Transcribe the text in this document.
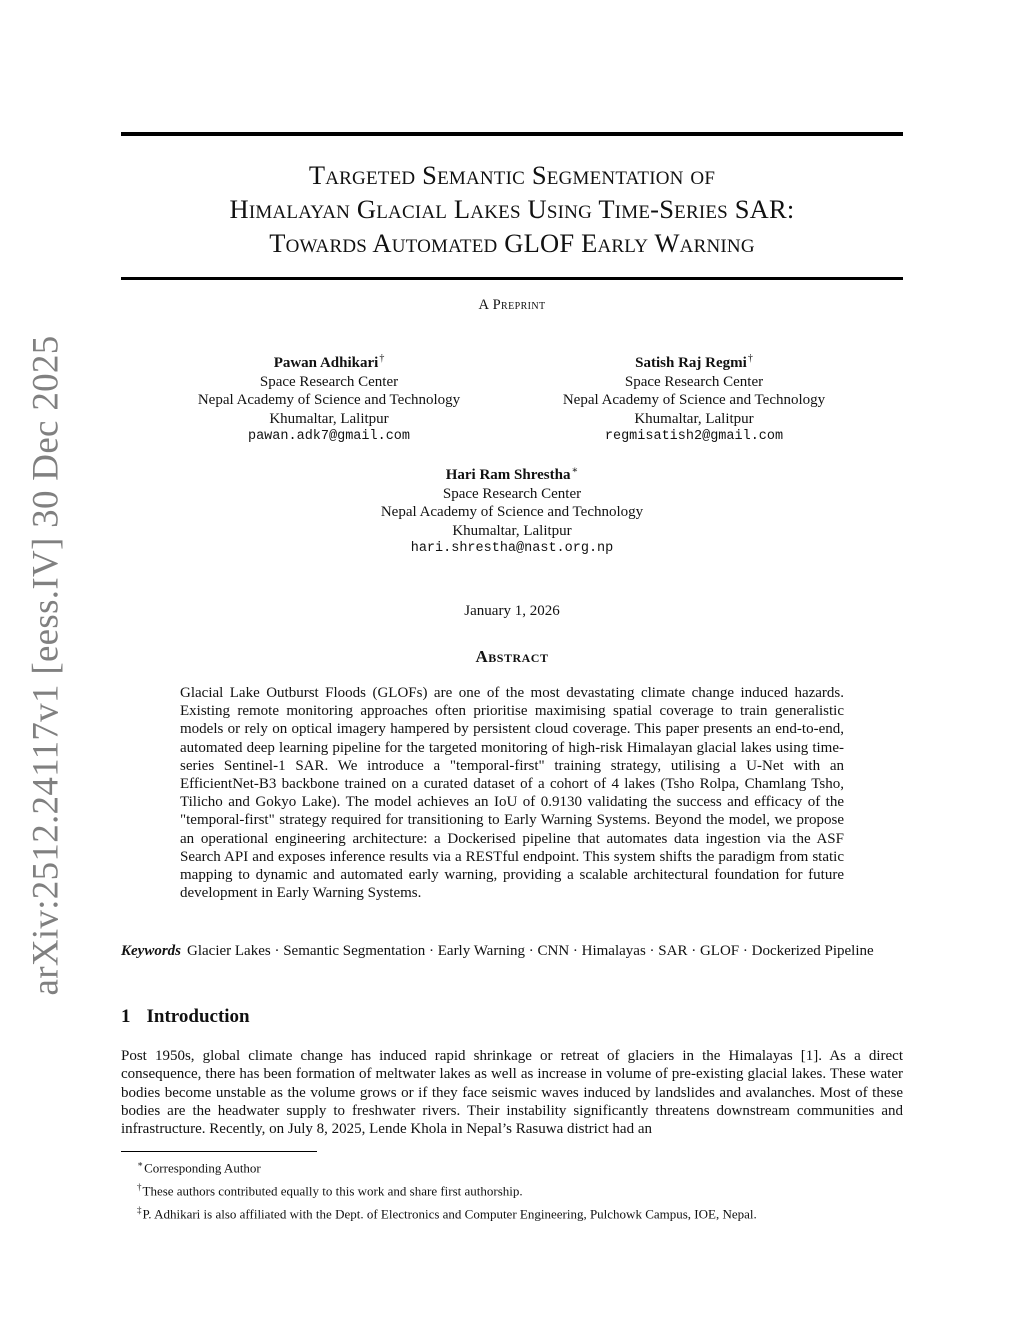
arXiv:2512.24117v1 [eess.IV] 30 Dec 2025
Targeted Semantic Segmentation of
Himalayan Glacial Lakes Using Time-Series SAR:
Towards Automated GLOF Early Warning
A Preprint
Pawan Adhikari†
Space Research Center
Nepal Academy of Science and Technology
Khumaltar, Lalitpur
pawan.adk7@gmail.com
Satish Raj Regmi†
Space Research Center
Nepal Academy of Science and Technology
Khumaltar, Lalitpur
regmisatish2@gmail.com
Hari Ram Shrestha∗
Space Research Center
Nepal Academy of Science and Technology
Khumaltar, Lalitpur
hari.shrestha@nast.org.np
January 1, 2026
Abstract
Glacial Lake Outburst Floods (GLOFs) are one of the most devastating climate change induced hazards. Existing remote monitoring approaches often prioritise maximising spatial coverage to train generalistic models or rely on optical imagery hampered by persistent cloud coverage. This paper presents an end-to-end, automated deep learning pipeline for the targeted monitoring of high-risk Himalayan glacial lakes using time-series Sentinel-1 SAR. We introduce a "temporal-first" training strategy, utilising a U-Net with an EfficientNet-B3 backbone trained on a curated dataset of a cohort of 4 lakes (Tsho Rolpa, Chamlang Tsho, Tilicho and Gokyo Lake). The model achieves an IoU of 0.9130 validating the success and efficacy of the "temporal-first" strategy required for transitioning to Early Warning Systems. Beyond the model, we propose an operational engineering architecture: a Dockerised pipeline that automates data ingestion via the ASF Search API and exposes inference results via a RESTful endpoint. This system shifts the paradigm from static mapping to dynamic and automated early warning, providing a scalable architectural foundation for future development in Early Warning Systems.
Keywords Glacier Lakes · Semantic Segmentation · Early Warning · CNN · Himalayas · SAR · GLOF · Dockerized Pipeline
1 Introduction
Post 1950s, global climate change has induced rapid shrinkage or retreat of glaciers in the Himalayas [1]. As a direct consequence, there has been formation of meltwater lakes as well as increase in volume of pre-existing glacial lakes. These water bodies become unstable as the volume grows or if they face seismic waves induced by landslides and avalanches. Most of these bodies are the headwater supply to freshwater rivers. Their instability significantly threatens downstream communities and infrastructure. Recently, on July 8, 2025, Lende Khola in Nepal’s Rasuwa district had an
∗Corresponding Author
†These authors contributed equally to this work and share first authorship.
‡P. Adhikari is also affiliated with the Dept. of Electronics and Computer Engineering, Pulchowk Campus, IOE, Nepal.
